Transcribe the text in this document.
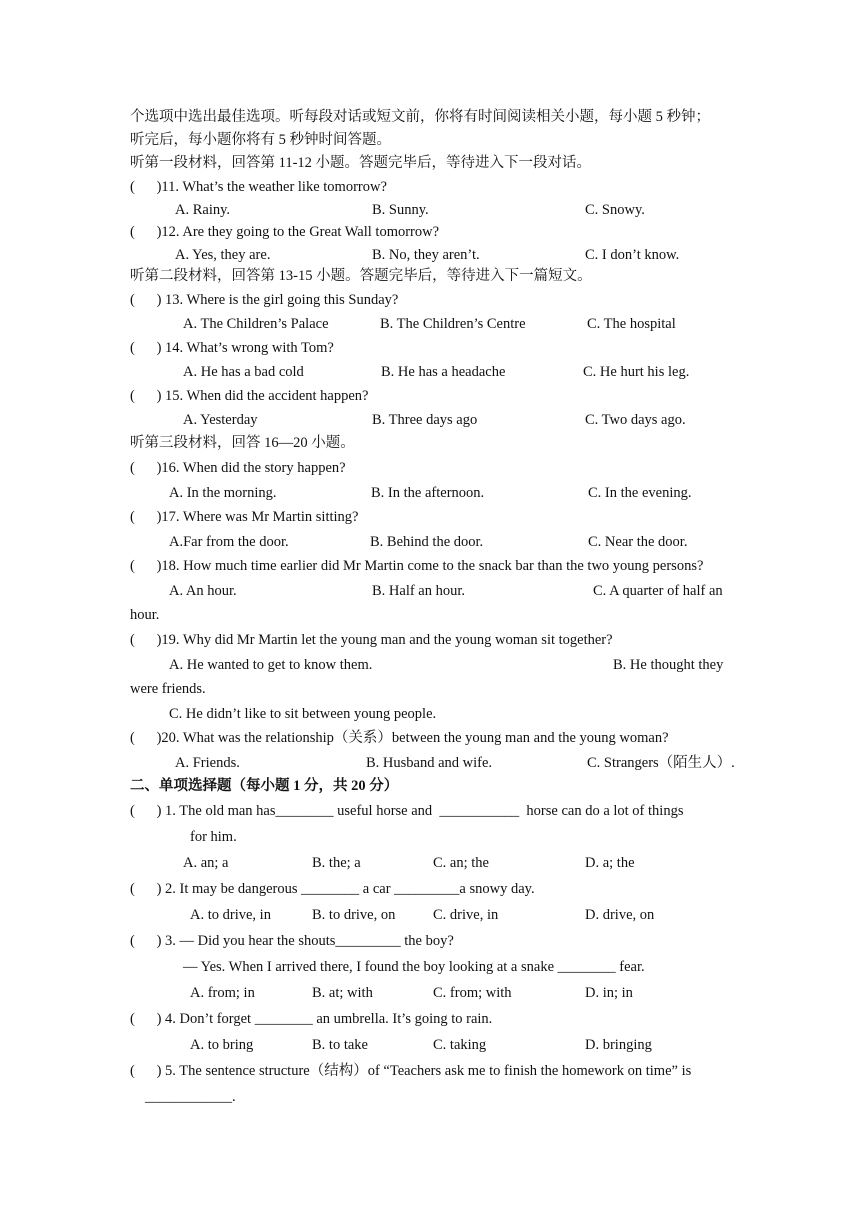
个选项中选出最佳选项。听每段对话或短文前，你将有时间阅读相关小题，每小题 5 秒钟；
听完后，每小题你将有 5 秒钟时间答题。
听第一段材料，回答第 11-12 小题。答题完毕后，等待进入下一段对话。
(      )11. What’s the weather like tomorrow?
A. Rainy.	B. Sunny.	C. Snowy.
(      )12. Are they going to the Great Wall tomorrow?
A. Yes, they are.	B. No, they aren’t.	C. I don’t know.
听第二段材料，回答第 13-15 小题。答题完毕后，等待进入下一篇短文。
(      ) 13. Where is the girl going this Sunday?
A. The Children’s Palace	B. The Children’s Centre	C. The hospital
(      ) 14. What’s wrong with Tom?
A. He has a bad cold	B. He has a headache	C. He hurt his leg.
(      ) 15. When did the accident happen?
A. Yesterday	B. Three days ago	C. Two days ago.
听第三段材料，回答 16—20 小题。
(      )16. When did the story happen?
A. In the morning.	B. In the afternoon.	C. In the evening.
(      )17. Where was Mr Martin sitting?
A.Far from the door.	B. Behind the door.	C. Near the door.
(      )18. How much time earlier did Mr Martin come to the snack bar than the two young persons?
A. An hour.	B. Half an hour.	C. A quarter of half an
hour.
(      )19. Why did Mr Martin let the young man and the young woman sit together?
A. He wanted to get to know them.	B. He thought they
were friends.
C. He didn’t like to sit between young people.
(      )20. What was the relationship（关系）between the young man and the young woman?
A. Friends.	B. Husband and wife.	C. Strangers（陌生人）.
二、单项选择题（每小题 1 分，共 20 分）
(      ) 1. The old man has________ useful horse and  ___________  horse can do a lot of things
for him.
A. an; a	B. the; a	C. an; the	D. a; the
(      ) 2. It may be dangerous ________ a car _________a snowy day.
A. to drive, in	B. to drive, on	C. drive, in	D. drive, on
(      ) 3. — Did you hear the shouts_________ the boy?
— Yes. When I arrived there, I found the boy looking at a snake ________ fear.
A. from; in	B. at; with	C. from; with	D. in; in
(      ) 4. Don’t forget ________ an umbrella. It’s going to rain.
A. to bring	B. to take	C. taking	D. bringing
(      ) 5. The sentence structure（结构）of “Teachers ask me to finish the homework on time” is
____________.
